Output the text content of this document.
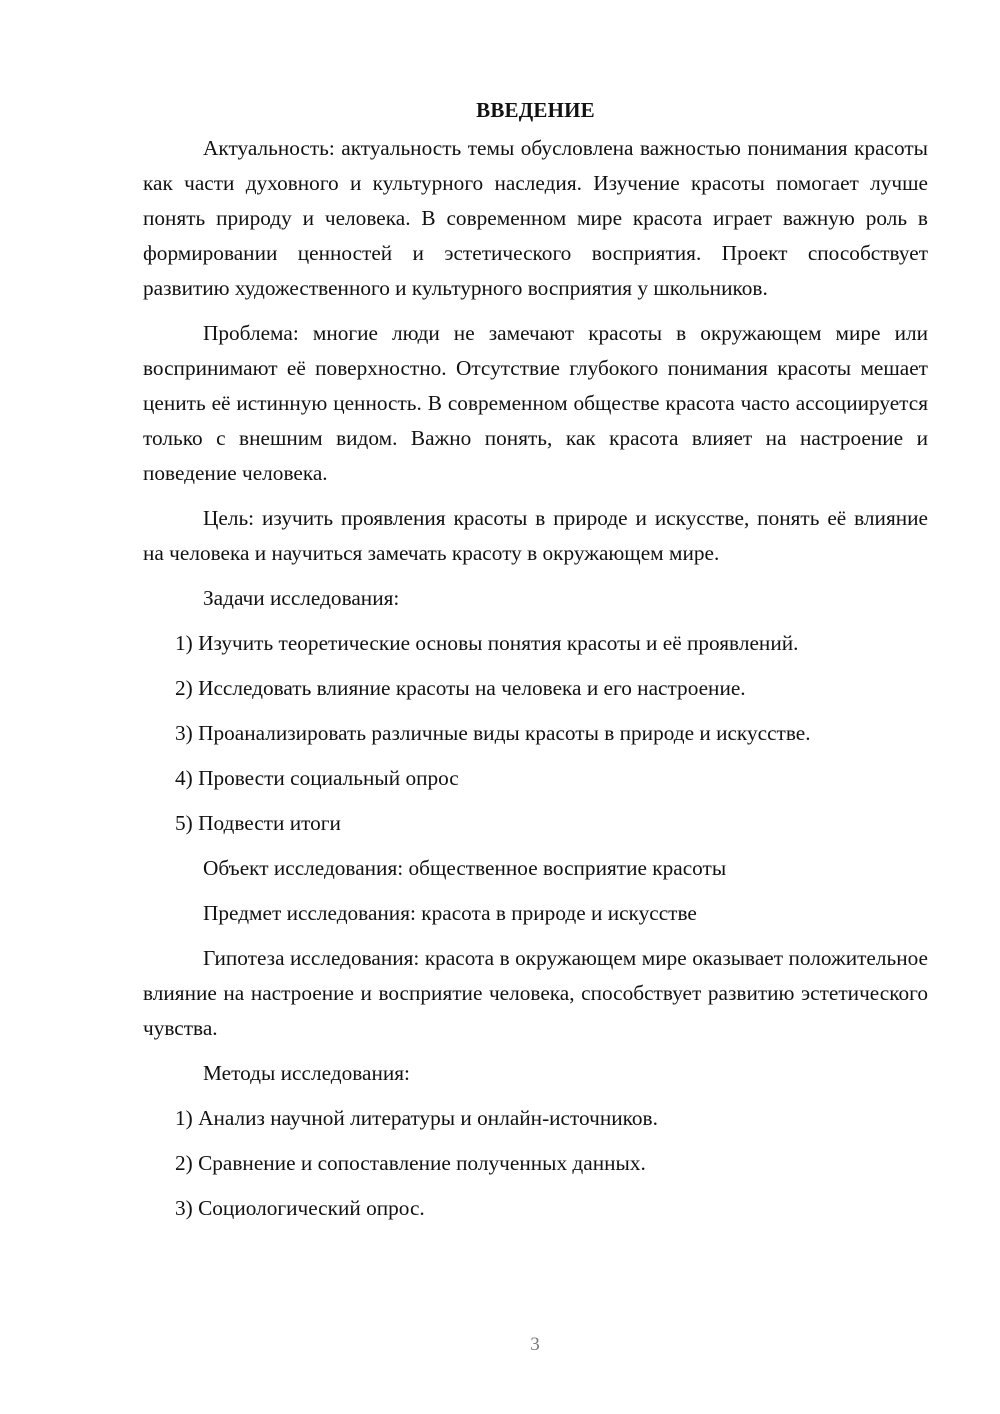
ВВЕДЕНИЕ

Актуальность: актуальность темы обусловлена важностью понимания красоты как части духовного и культурного наследия. Изучение красоты помогает лучше понять природу и человека. В современном мире красота играет важную роль в формировании ценностей и эстетического восприятия. Проект способствует развитию художественного и культурного восприятия у школьников.

Проблема: многие люди не замечают красоты в окружающем мире или воспринимают её поверхностно. Отсутствие глубокого понимания красоты мешает ценить её истинную ценность. В современном обществе красота часто ассоциируется только с внешним видом. Важно понять, как красота влияет на настроение и поведение человека.

Цель: изучить проявления красоты в природе и искусстве, понять её влияние на человека и научиться замечать красоту в окружающем мире.

Задачи исследования:
1) Изучить теоретические основы понятия красоты и её проявлений.
2) Исследовать влияние красоты на человека и его настроение.
3) Проанализировать различные виды красоты в природе и искусстве.
4) Провести социальный опрос
5) Подвести итоги
Объект исследования: общественное восприятие красоты
Предмет исследования: красота в природе и искусстве

Гипотеза исследования: красота в окружающем мире оказывает положительное влияние на настроение и восприятие человека, способствует развитию эстетического чувства.

Методы исследования:
1) Анализ научной литературы и онлайн-источников.
2) Сравнение и сопоставление полученных данных.
3) Социологический опрос.
3
